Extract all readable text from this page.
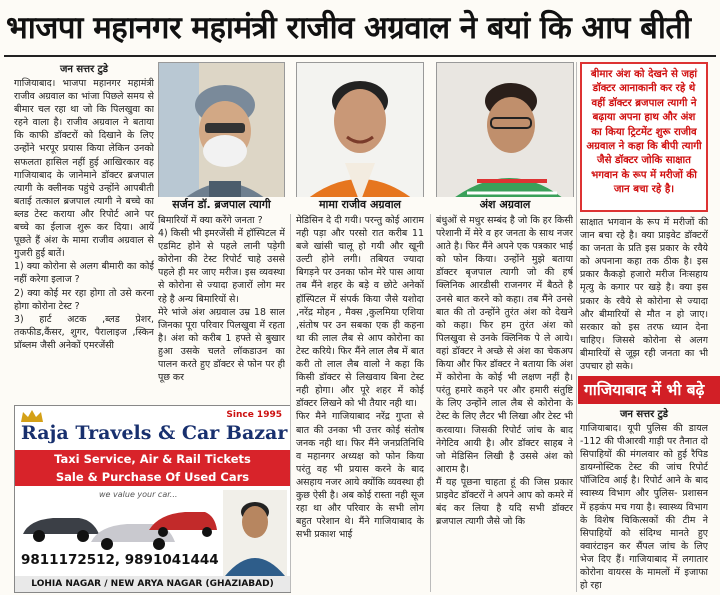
भाजपा महानगर महामंत्री राजीव अग्रवाल ने बयां कि आप बीती
जन सत्तर टुडे

गाजियाबाद। भाजपा महानगर महामंत्री राजीव अग्रवाल का भांजा पिछले समय से बीमार चल रहा था जो कि पिलखुवा का रहने वाला है। राजीव अग्रवाल ने बताया कि काफी डॉक्टरों को दिखाने के लिए उन्होंने भरपूर प्रयास किया लेकिन उनको सफलता हासिल नहीं हुई आखिरकार वह गाजियाबाद के जानेमाने डॉक्टर ब्रजपाल त्यागी के क्लीनक पहुंचे उन्होंने आपबीती बताई तत्काल ब्रजपाल त्यागी ने बच्चे का ब्लड टेस्ट कराया और रिपोर्ट आने पर बच्चे का ईलाज शुरू कर दिया। आयें पूछते हैं अंश के मामा राजीव अग्रवाल से गुजरी हुई बातें।

1) क्या कोरोना से अलग बीमारी का कोई नहीं करेगा इलाज ?

2) क्या कोई मर रहा होगा तो उसे करना होगा कोरोना टेस्ट ?

3) हार्ट अटक ,ब्लड प्रेशर, तकफीड,कैंसर, शुगर, पैरालाइज ,स्किन प्रॉब्लम जैसी अनेकों एमरजेंसी

सर्जन डॉ. ब्रजपाल त्यागी	मामा राजीव अग्रवाल	अंश अग्रवाल

बिमारियों में क्या करेंगे जनता ?

4) किसी भी इमरजेंसी में हॉस्पिटल में एडमिट होने से पहले लानी पड़ेगी कोरोना की टेस्ट रिपोर्ट चाहे उससे पहले ही मर जाए मरीज। इस व्यवस्था से कोरोना से ज्यादा हजारों लोग मर रहे है अन्य बिमारियों से।

मेरे भांजे अंश अग्रवाल उम्र 18 साल जिनका पूरा परिवार पिलखुवा में रहता है। अंश को करीब 1 हफ्ते से बुखार हुआ उसके चलते लॉकडाउन का पालन करते हुए डॉक्टर से फोन पर ही पूछ कर

मेडिसिन दे दी गयी। परन्तु कोई आराम नही पड़ा और परसो रात करीब 11 बजे खांसी चालू हो गयी और खूनी उल्टी होने लगी। तबियत ज्यादा बिगड़ने पर उनका फोन मेरे पास आया तब मैंने शहर के बड़े व छोटे अनेकों हॉस्पिटल में संपर्क किया जैसे यशोदा ,नरेंद्र मोहन , मैक्स ,कुलमिया एशिया ,संतोष पर उन सबका एक ही कहना था की लाल लैब से आप कोरोना का टेस्ट करिये। फिर मैंने लाल लैब में बात करी तो लाल लैब वालो ने कहा कि किसी डॉक्टर से लिखवाय बिना टेस्ट नही होगा। और पूरे शहर में कोई डॉक्टर लिखने को भी तैयार नही था।

फिर मैने गाजियाबाद नरेंद्र गुप्ता से बात की उनका भी उत्तर कोई संतोष जनक नही था। फिर मैंने जनप्रतिनिधि व महानगर अध्यक्ष को फोन किया परंतु वह भी प्रयास करने के बाद असहाय नजर आये क्योंकि व्यवस्था ही कुछ ऐसी है। अब कोई रास्ता नही सूज रहा था और परिवार के सभी लोग बहुत परेशान थे। मैंने गाजियाबाद के सभी प्रकाश भाई

बंधुओं से मधुर सम्बंद है जो कि हर किसी परेशानी में मेरे व हर जनता के साथ नजर आते है। फिर मैंने अपने एक पत्रकार भाई को फोन किया। उन्होंने मुझे बताया डॉक्टर बृजपाल त्यागी जो की हर्ष क्लिनिक आरडीसी राजनगर में बैठते है उनसे बात करने को कहा। तब मैंने उनसे बात की तो उन्होंने तुरंत अंश को देखने को कहा। फिर हम तुरंत अंश को पिलखुवा से उनके क्लिनिक पे ले आये। वहां डॉक्टर ने अच्छे से अंश का चेकअप किया और फिर डॉक्टर ने बताया कि अंश में कोरोना के कोई भी लक्षण नहीं है। परंतु हमारे कहने पर और हमारी संतुष्टि के लिए उन्होंने लाल लैब से कोरोना के टेस्ट के लिए लैटर भी लिखा और टेस्ट भी करवाया। जिसकी रिपोर्ट जांच के बाद नेगेटिव आयी है। और डॉक्टर साहब ने जो मेडिसिन लिखी है उससे अंश को आराम है।

मैं यह पूछना चाहता हूं की जिस प्रकार प्राइवेट डॉक्टरों ने अपने आप को कमरे में बंद कर लिया है यदि सभी डॉक्टर ब्रजपाल त्यागी जैसे जो कि

बीमार अंश को देखने से जहां डॉक्टर आनाकानी कर रहे थे वहीं डॉक्टर ब्रजपाल त्यागी ने बढ़ाया अपना हाथ और अंश का किया ट्रिटमेंट शुरू राजीव अग्रवाल ने कहा कि बीपी त्यागी जैसे डॉक्टर जोकि साक्षात भगवान के रूप में मरीजों की जान बचा रहे है।
साक्षात भगवान के रूप में मरीजों की जान बचा रहे है। क्या प्राइवेट डॉक्टरों का जनता के प्रति इस प्रकार के रवैये को अपनाना कहा तक ठीक है। इस प्रकार कैकड़ो हजारो मरीज निःसहाय मृत्यु के कगार पर खड़े है। क्या इस प्रकार के रवैये से कोरोना से ज्यादा और बीमारियों से मौत न हो जाए। सरकार को इस तरफ ध्यान देना चाहिए। जिससे कोरोना से अलग बीमारियों से जूझ रही जनता का भी उपचार हो सके।
गाजियाबाद में भी बढ़े
जन सत्तर टुडे
गाजियाबाद। यूपी पुलिस की डायल -112 की पीआरवी गाड़ी पर तैनात दो सिपाहियों की मंगलवार को हुई रैपिड डायग्नोस्टिक टेस्ट की जांच रिपोर्ट पॉजिटिव आई है। रिपोर्ट आने के बाद स्वास्थ्य विभाग और पुलिस- प्रशासन में हड़कंप मच गया है। स्वास्थ्य विभाग के विशेष चिकित्सकों की टीम ने सिपाहियों को संदिग्ध मानते हुए क्वारंटाइन कर सैंपल जांच के लिए भेज दिए हैं। गाजियाबाद में लगातार कोरोना वायरस के मामलों में इजाफा हो रहा
Since 1995
Raja Travels & Car Bazar
Taxi Service, Air & Rail Tickets
Sale & Purchase Of Used Cars
we value your car...
9811172512, 9891041444
LOHIA NAGAR / NEW ARYA NAGAR (GHAZIABAD)
